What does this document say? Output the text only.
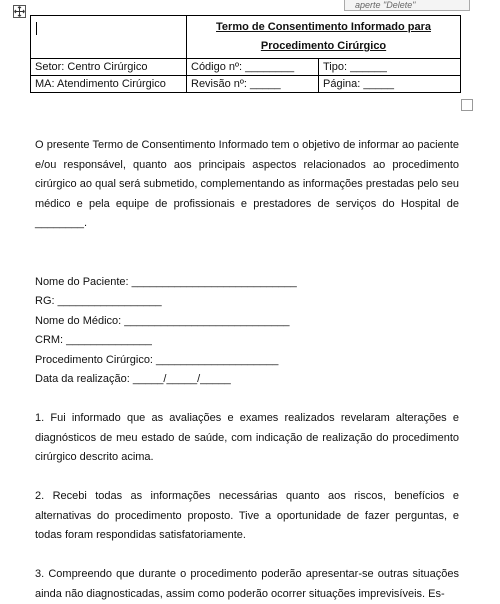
aperte "Delete"
	Termo de Consentimento Informado para Procedimento Cirúrgico	
Setor: Centro Cirúrgico	Código nº: ________	Tipo: ______
MA: Atendimento Cirúrgico	Revisão nº: _____	Página: _____

O presente Termo de Consentimento Informado tem o objetivo de informar ao paciente e/ou responsável, quanto aos principais aspectos relacionados ao procedimento cirúrgico ao qual será submetido, complementando as informações prestadas pelo seu médico e pela equipe de profissionais e prestadores de serviços do Hospital de ________.

Nome do Paciente: ___________________________
RG: _________________
Nome do Médico: ___________________________
CRM: ______________
Procedimento Cirúrgico: ____________________
Data da realização: _____/_____/_____

1. Fui informado que as avaliações e exames realizados revelaram alterações e diagnósticos de meu estado de saúde, com indicação de realização do procedimento cirúrgico descrito acima.

2. Recebi todas as informações necessárias quanto aos riscos, benefícios e alternativas do procedimento proposto. Tive a oportunidade de fazer perguntas, e todas foram respondidas satisfatoriamente.

3. Compreendo que durante o procedimento poderão apresentar-se outras situações ainda não diagnosticadas, assim como poderão ocorrer situações imprevisíveis. Es-
